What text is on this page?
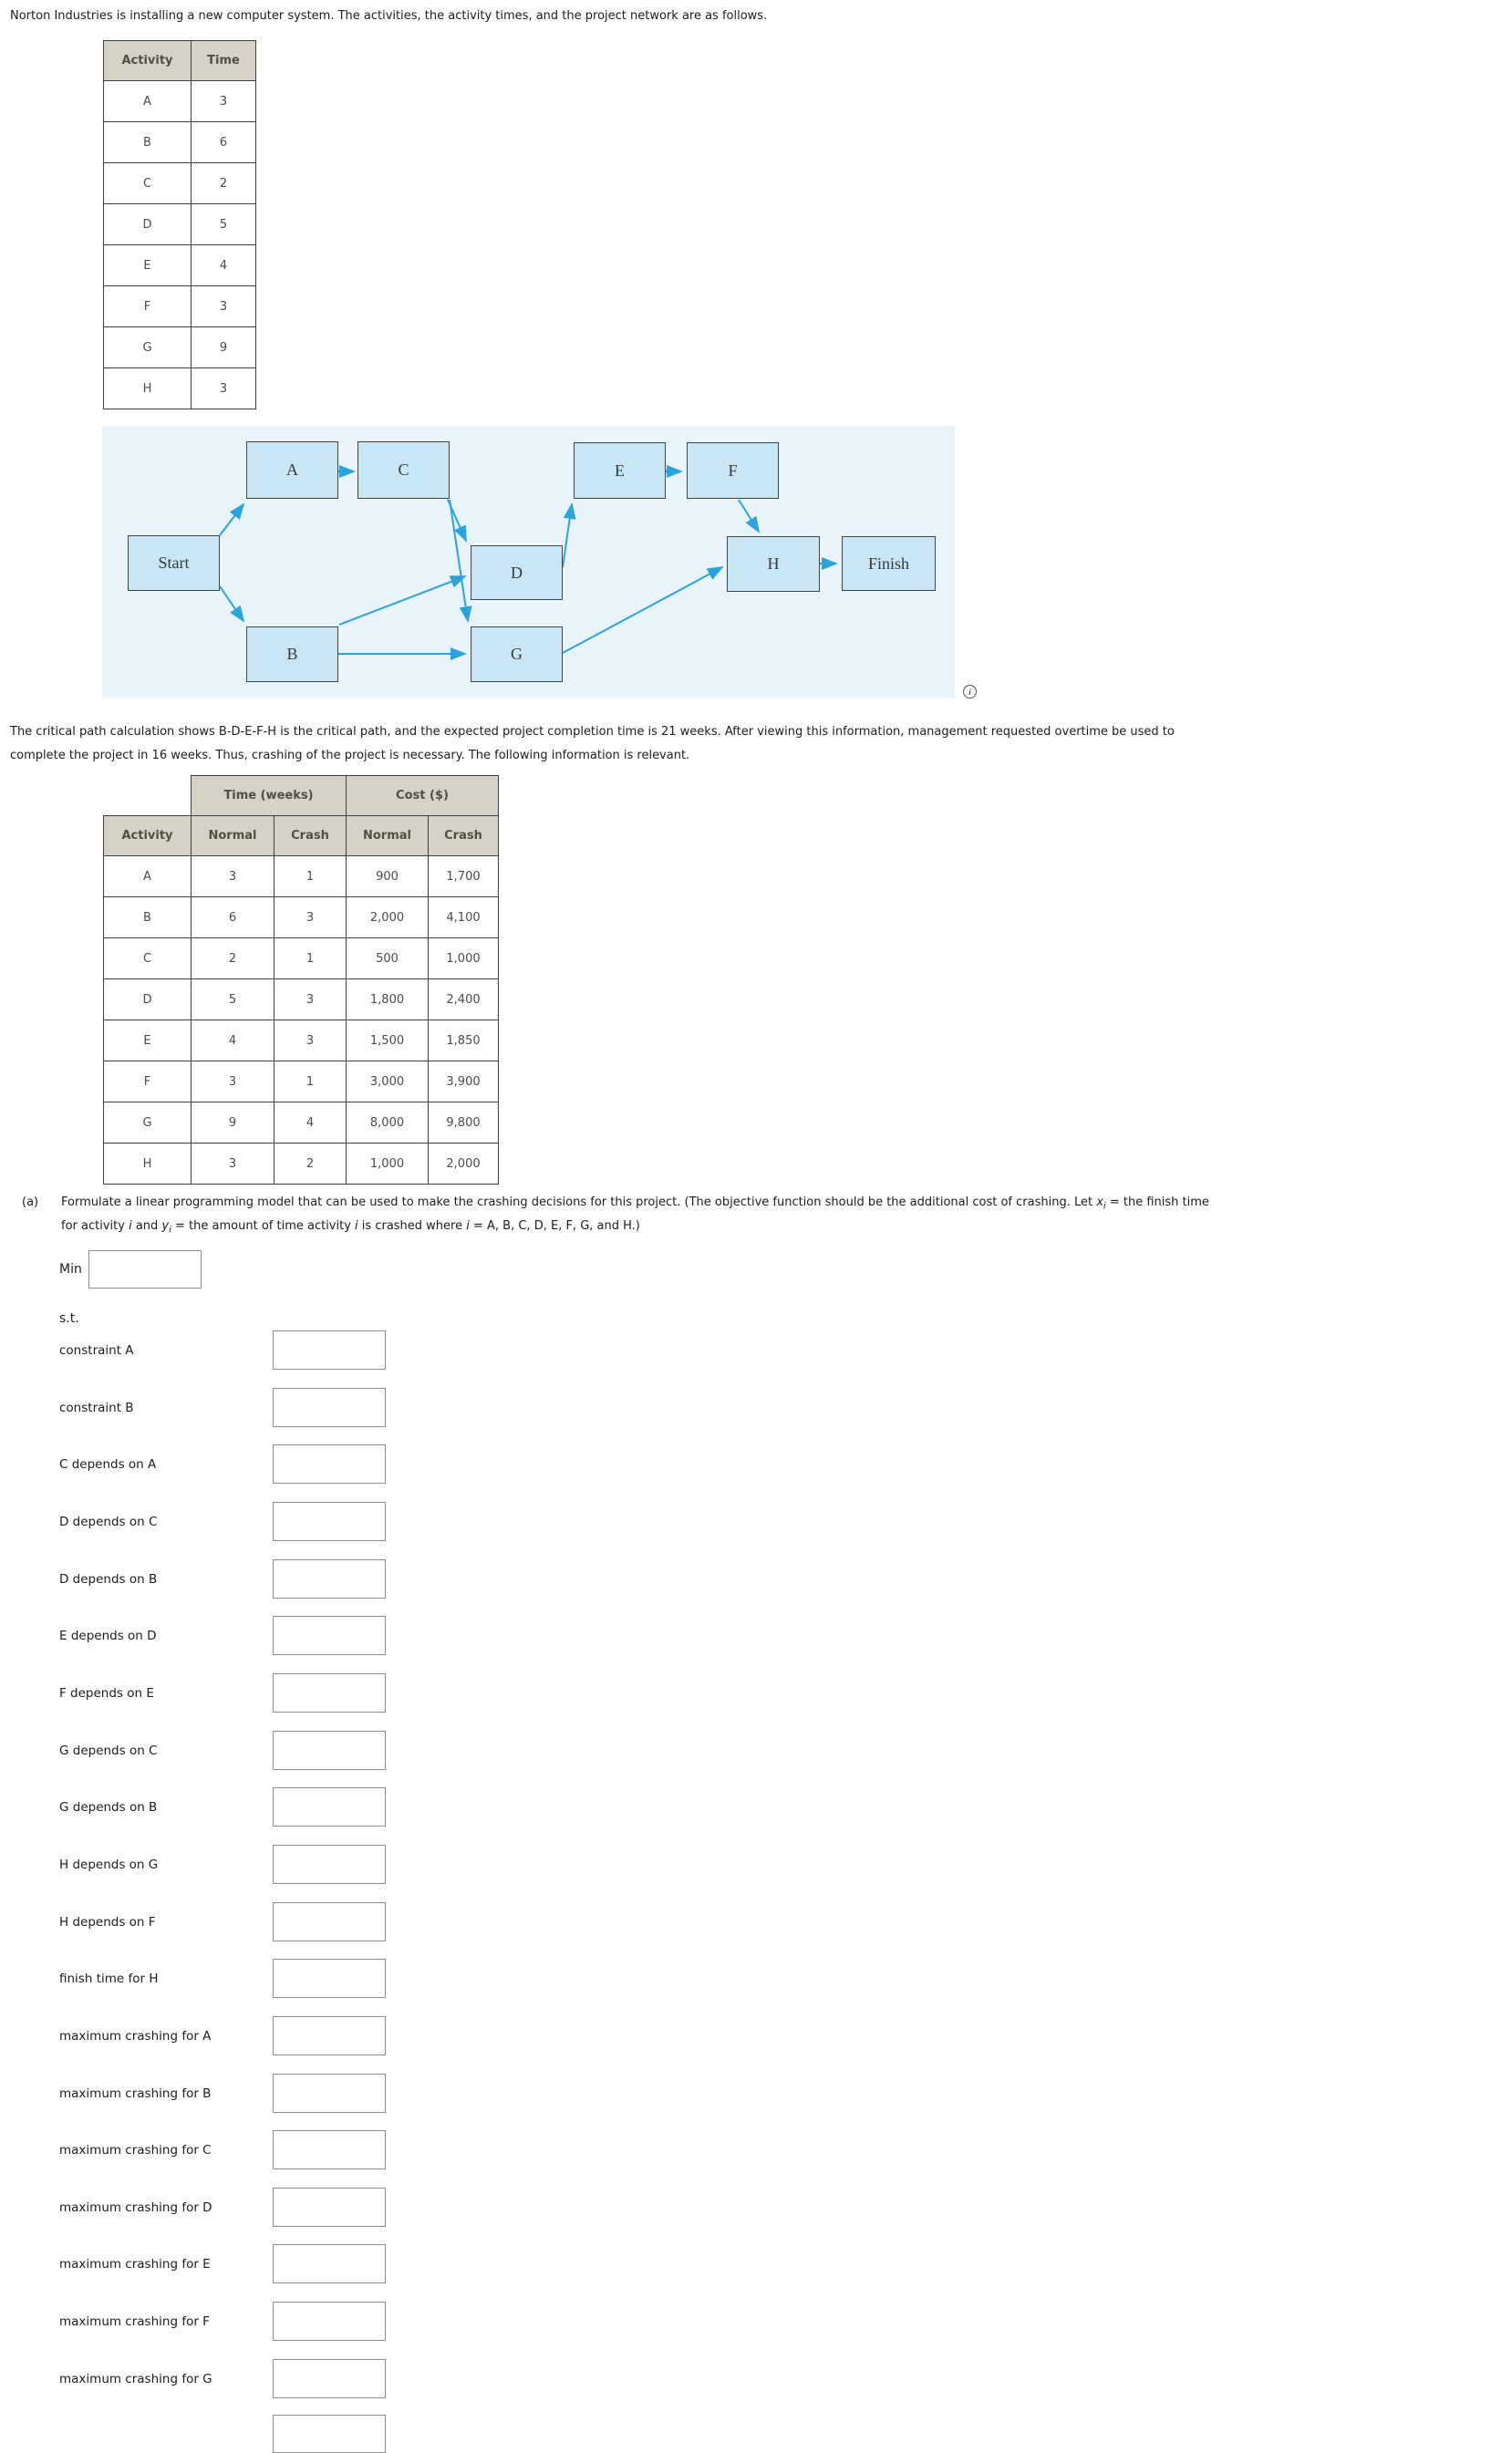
Norton Industries is installing a new computer system. The activities, the activity times, and the project network are as follows.
Activity	Time
A	3
B	6
C	2
D	5
E	4
F	3
G	9
H	3
Start
A	C	E	F
D	H	Finish
B	G
i
The critical path calculation shows B-D-E-F-H is the critical path, and the expected project completion time is 21 weeks. After viewing this information, management requested overtime be used to
complete the project in 16 weeks. Thus, crashing of the project is necessary. The following information is relevant.
	Time (weeks)		Cost ($)	
Activity	Normal	Crash	Normal	Crash
A	3	1	900	1,700
B	6	3	2,000	4,100
C	2	1	500	1,000
D	5	3	1,800	2,400
E	4	3	1,500	1,850
F	3	1	3,000	3,900
G	9	4	8,000	9,800
H	3	2	1,000	2,000
(a) Formulate a linear programming model that can be used to make the crashing decisions for this project. (The objective function should be the additional cost of crashing. Let $x_i$ = the finish time
for activity i and $y_i$ = the amount of time activity i is crashed where i = A, B, C, D, E, F, G, and H.)
Min
s.t.
constraint A
constraint B
C depends on A
D depends on C
D depends on B
E depends on D
F depends on E
G depends on C
G depends on B
H depends on G
H depends on F
finish time for H
maximum crashing for A
maximum crashing for B
maximum crashing for C
maximum crashing for D
maximum crashing for E
maximum crashing for F
maximum crashing for G
